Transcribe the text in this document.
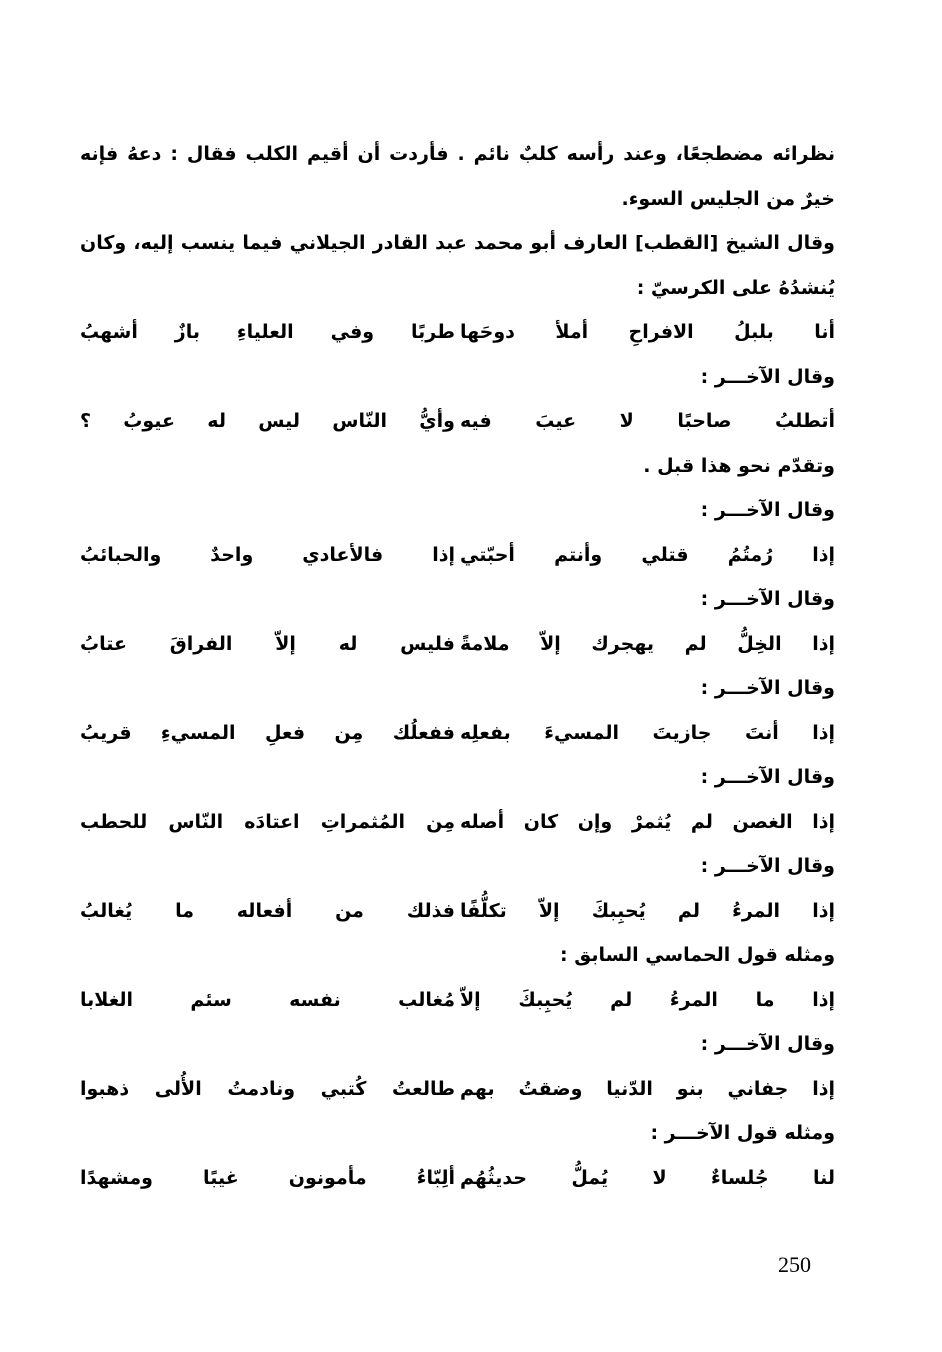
نظرائه مضطجعًا، وعند رأسه كلبٌ نائم . فأردت أن أقيم الكلب فقال : دعهُ فإنه
خيرٌ من الجليس السوء.
وقال الشيخ [القطب] العارف أبو محمد عبد القادر الجيلاني فيما ينسب إليه، وكان
يُنشدُهُ على الكرسيّ :
أنا بلبلُ الافراحِ أملأ دوحَها
طربًا وفي العلياءِ بازٌ أشهبُ
وقال الآخـــر :
أتطلبُ صاحبًا لا عيبَ فيه
وأيُّ النّاس ليس له عيوبُ ؟
وتقدّم نحو هذا قبل .
وقال الآخـــر :
إذا رُمتُمُ قتلي وأنتم أحبّتي
إذا فالأعادي واحدٌ والحبائبُ
وقال الآخـــر :
إذا الخِلُّ لم يهجرك إلاّ ملامةً
فليس له إلاّ الفراقَ عتابُ
وقال الآخـــر :
إذا أنتَ جازيتَ المسيءَ بفعلِه
ففعلُك مِن فعلِ المسيءِ قريبُ
وقال الآخـــر :
إذا الغصن لم يُثمرْ وإن كان أصله
مِن المُثمراتِ اعتادَه النّاس للحطب
وقال الآخـــر :
إذا المرءُ لم يُحبِبكَ إلاّ تكلُّفًا
فذلك من أفعاله ما يُغالبُ
ومثله قول الحماسي السابق :
إذا ما المرءُ لم يُحبِبكَ إلاّ
مُغالب نفسه سئم الغلابا
وقال الآخـــر :
إذا جفاني بنو الدّنيا وضقتُ بهم
طالعتُ كُتبي ونادمتُ الأُلى ذهبوا
ومثله قول الآخـــر :
لنا جُلساءٌ لا يُملُّ حديثُهُم
ألِبّاءُ مأمونون غيبًا ومشهدًا
250
